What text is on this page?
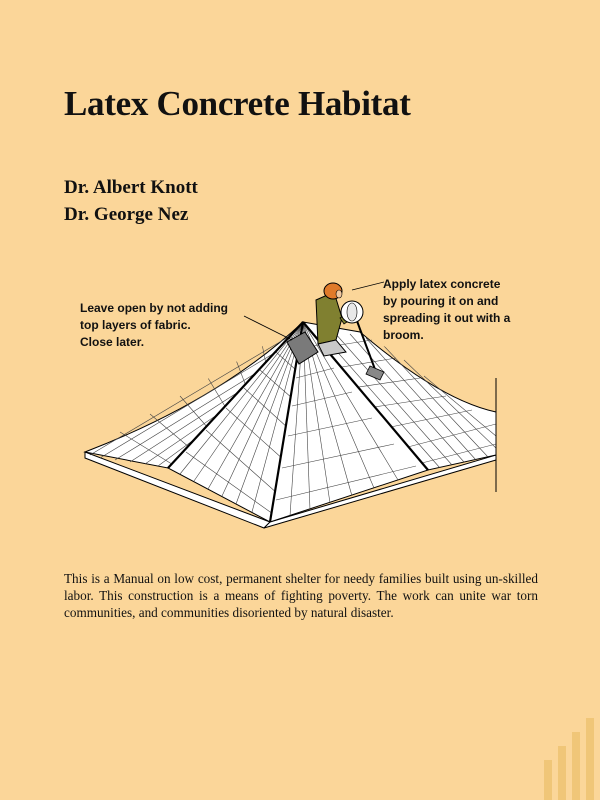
Latex Concrete Habitat
Dr. Albert Knott
Dr. George Nez
Leave open by not adding
top layers of fabric.
Close later.
Apply latex concrete
by pouring it on and
spreading it out with a
broom.

This is a Manual on low cost, permanent shelter for needy families built using un-skilled labor. This construction is a means of fighting poverty. The work can unite war torn communities, and communities disoriented by natural disaster.
